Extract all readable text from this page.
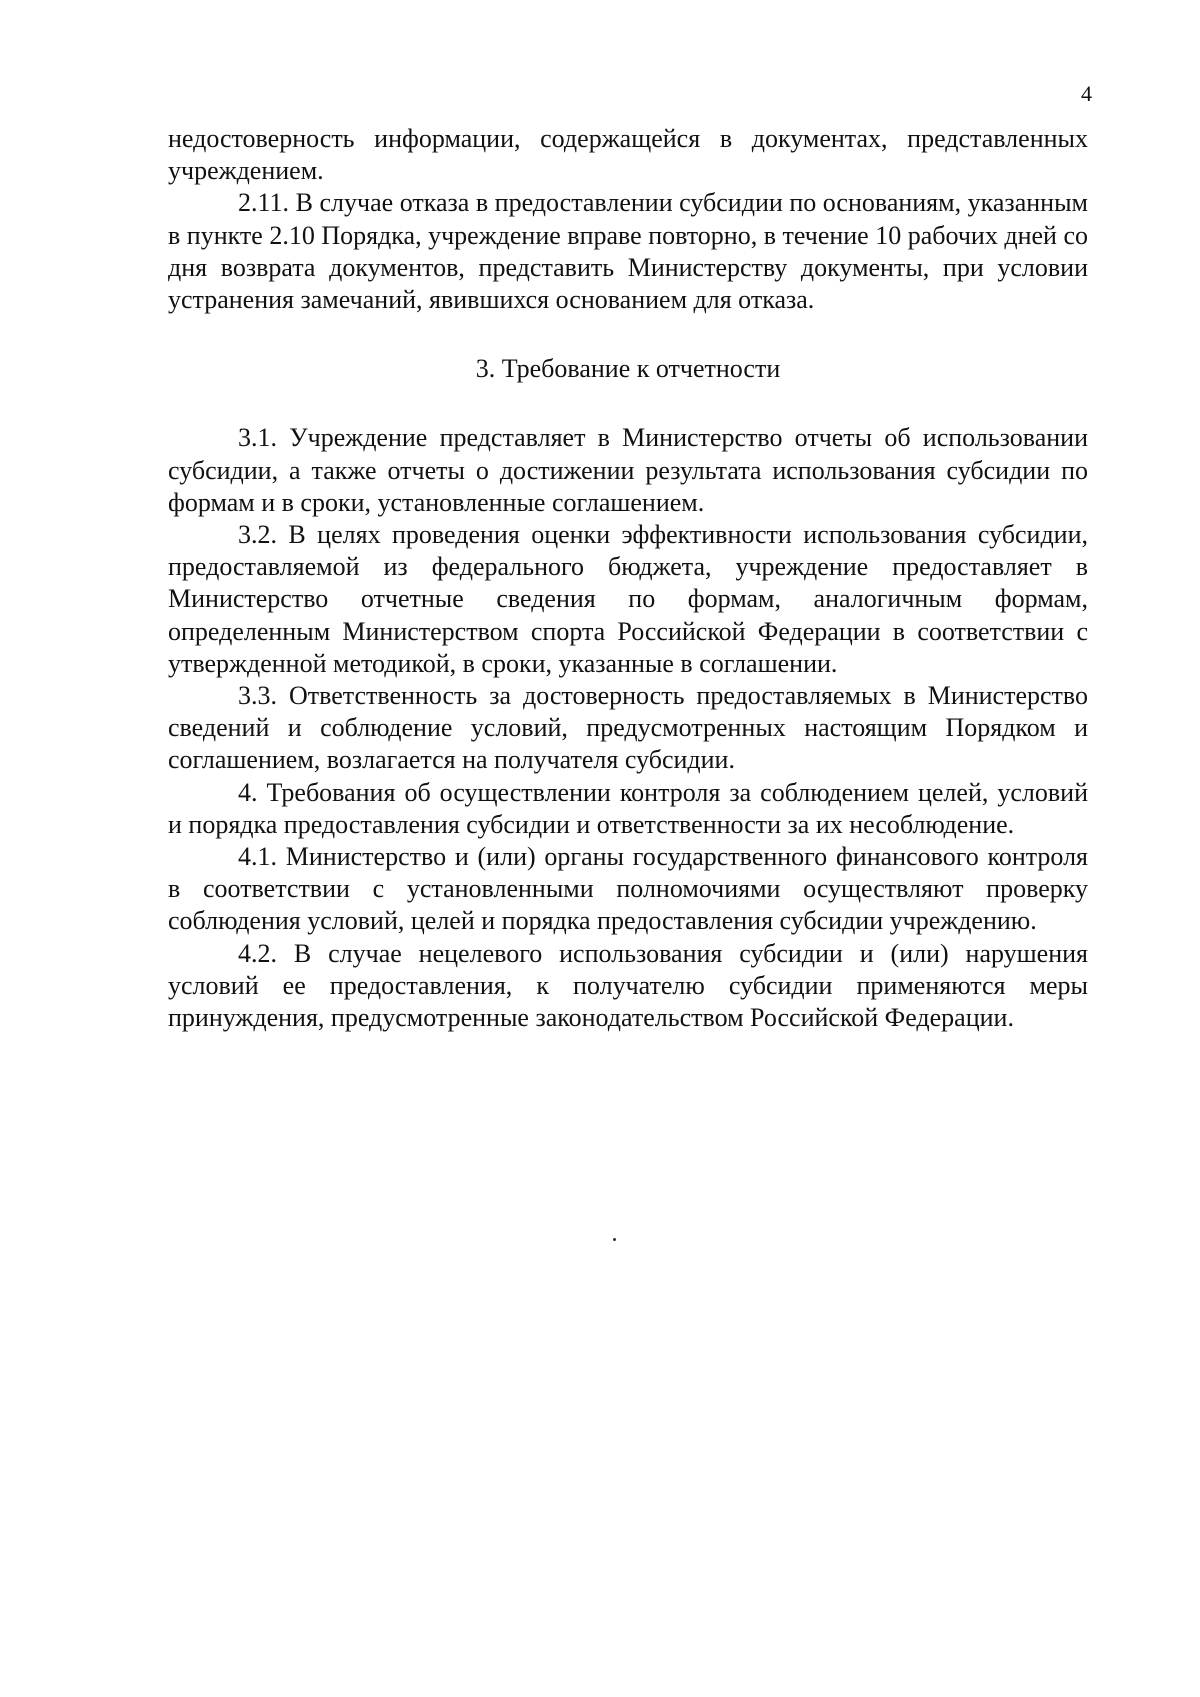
4

недостоверность информации, содержащейся в документах, представленных учреждением.

2.11. В случае отказа в предоставлении субсидии по основаниям, указанным в пункте 2.10 Порядка, учреждение вправе повторно, в течение 10 рабочих дней со дня возврата документов, представить Министерству документы, при условии устранения замечаний, явившихся основанием для отказа.

3. Требование к отчетности

3.1. Учреждение представляет в Министерство отчеты об использовании субсидии, а также отчеты о достижении результата использования субсидии по формам и в сроки, установленные соглашением.

3.2. В целях проведения оценки эффективности использования субсидии, предоставляемой из федерального бюджета, учреждение предоставляет в Министерство отчетные сведения по формам, аналогичным формам, определенным Министерством спорта Российской Федерации в соответствии с утвержденной методикой, в сроки, указанные в соглашении.

3.3. Ответственность за достоверность предоставляемых в Министерство сведений и соблюдение условий, предусмотренных настоящим Порядком и соглашением, возлагается на получателя субсидии.

4. Требования об осуществлении контроля за соблюдением целей, условий и порядка предоставления субсидии и ответственности за их несоблюдение.

4.1. Министерство и (или) органы государственного финансового контроля в соответствии с установленными полномочиями осуществляют проверку соблюдения условий, целей и порядка предоставления субсидии учреждению.

4.2. В случае нецелевого использования субсидии и (или) нарушения условий ее предоставления, к получателю субсидии применяются меры принуждения, предусмотренные законодательством Российской Федерации.
